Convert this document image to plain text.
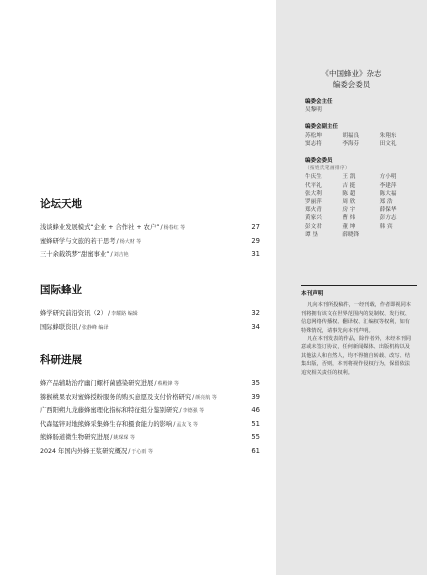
论坛天地
浅谈蜂业发展模式“企业 + 合作社 + 农户” / 杨春红 等	27
蜜蜂研学与文旅的若干思考 / 杨大财 等	29
三十余载筑梦“甜蜜事业” / 刘吉艳	31
国际蜂业
蜂学研究前沿资讯（2） / 李耀路 编辑	32
国际蜂联资讯 / 张静峰 编译	34
科研进展
蜂产品辅助治疗幽门螺杆菌感染研究进展 / 蔡殿锋 等	35
猕猴桃果农对蜜蜂授粉服务的购买意愿及支付价格研究 / 颜亮航 等	39
广西阳朔九龙藤蜂蜜理化指标和特征组分鉴别研究 / 李德强 等	46
代森锰锌对地熊蜂采集蜂生存和摄食能力的影响 / 孟友飞 等	51
熊蜂肠道微生物研究进展 / 姚琛琛 等	55
2024 年国内外蜂王浆研究概况 / 于心雨 等	61
《中国蜂业》杂志
编委会委员
编委会主任
吴黎明
编委会副主任
苏松坤	胡福良	朱翔东
窦志将	李海芬	田文礼
编委会委员
（按姓氏笔画排序）
牛庆生	王 凯	方小明
代平礼	吉 挺	李建萍
张大利	陈 超	陈大福
罗丽萍	周 欣	郑 浩
郑火青	房 宇	薛保华
黄家兴	曹 炜	彭方志
彭文君	董 坤	韩 宾
谭 垦	薛晓锋
本刊声明

凡向本刊所投稿件，一经刊载，作者即视同本刊将拥有该文在世界范围内的复制权、发行权、信息网络传播权、翻译权、汇编权等权利，如有特殊情况，请事先向本刊声明。

凡在本刊发表的作品，除作者外，未经本刊同意或未签订协议，任何新闻媒体、出版机构以及其他法人和自然人，均不得擅自转载、改写、结集出版，否则，本刊将视作侵权行为，保留依法追究相关责任的权利。
